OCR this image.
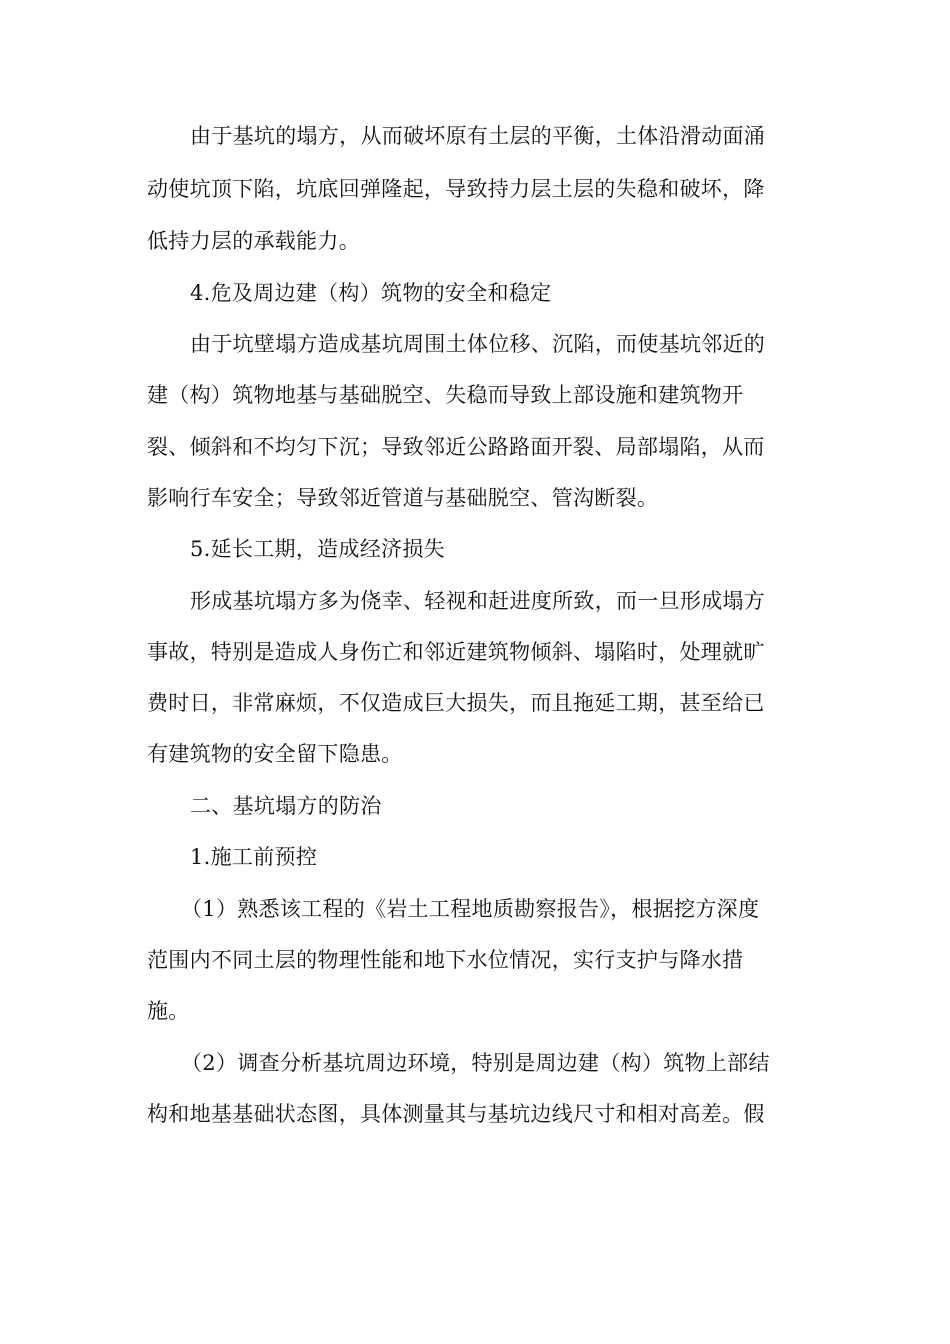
由于基坑的塌方，从而破坏原有土层的平衡，土体沿滑动面涌
动使坑顶下陷，坑底回弹隆起，导致持力层土层的失稳和破坏，降
低持力层的承载能力。
4.危及周边建（构）筑物的安全和稳定
由于坑壁塌方造成基坑周围土体位移、沉陷，而使基坑邻近的
建（构）筑物地基与基础脱空、失稳而导致上部设施和建筑物开
裂、倾斜和不均匀下沉；导致邻近公路路面开裂、局部塌陷，从而
影响行车安全；导致邻近管道与基础脱空、管沟断裂。
5.延长工期，造成经济损失
形成基坑塌方多为侥幸、轻视和赶进度所致，而一旦形成塌方
事故，特别是造成人身伤亡和邻近建筑物倾斜、塌陷时，处理就旷
费时日，非常麻烦，不仅造成巨大损失，而且拖延工期，甚至给已
有建筑物的安全留下隐患。
二、基坑塌方的防治
1.施工前预控
（1）熟悉该工程的《岩土工程地质勘察报告》，根据挖方深度
范围内不同土层的物理性能和地下水位情况，实行支护与降水措
施。
（2）调查分析基坑周边环境，特别是周边建（构）筑物上部结
构和地基基础状态图，具体测量其与基坑边线尺寸和相对高差。假
